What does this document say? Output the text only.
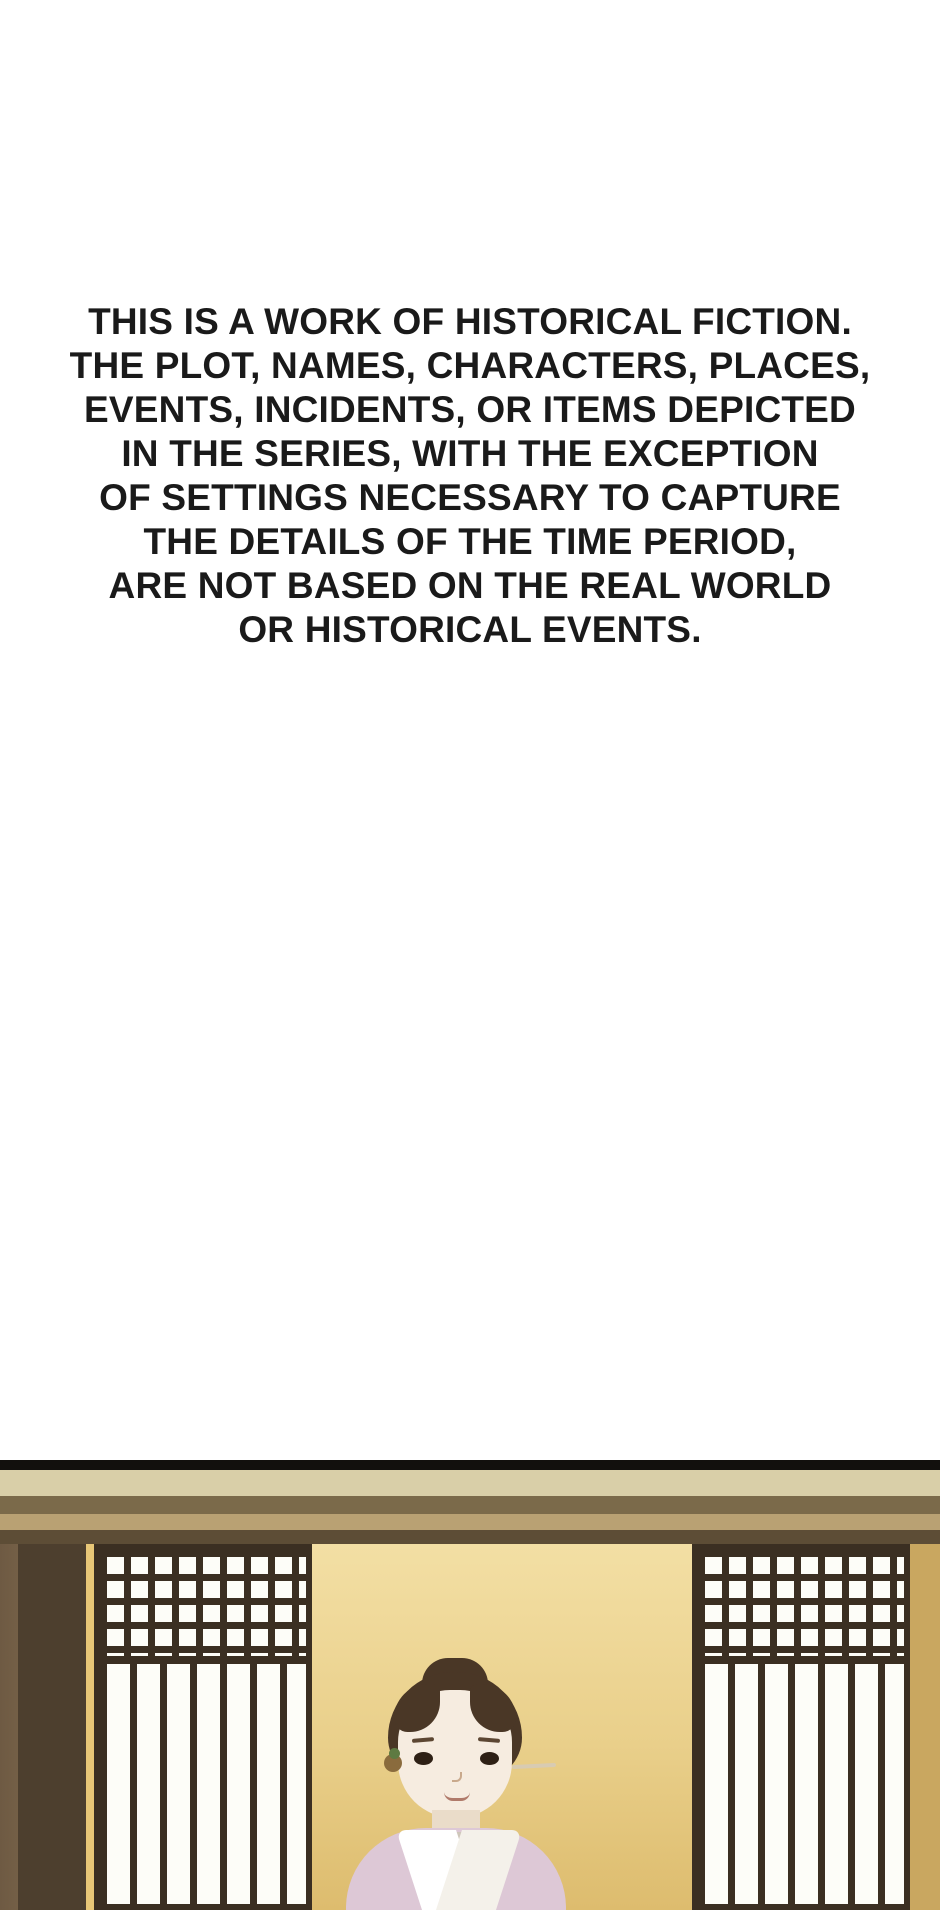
THIS IS A WORK OF HISTORICAL FICTION.
THE PLOT, NAMES, CHARACTERS, PLACES,
EVENTS, INCIDENTS, OR ITEMS DEPICTED
IN THE SERIES, WITH THE EXCEPTION
OF SETTINGS NECESSARY TO CAPTURE
THE DETAILS OF THE TIME PERIOD,
ARE NOT BASED ON THE REAL WORLD
OR HISTORICAL EVENTS.
